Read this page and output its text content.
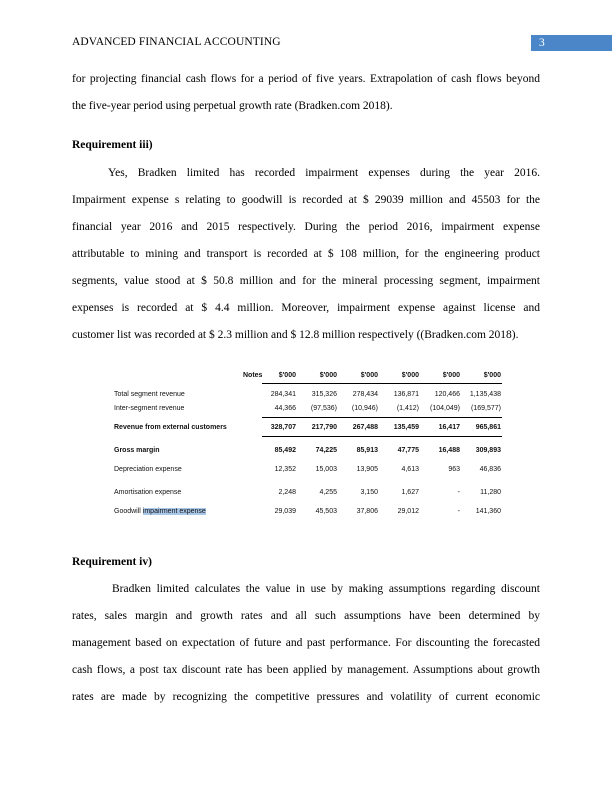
ADVANCED FINANCIAL ACCOUNTING	3
for projecting financial cash flows for a period of five years. Extrapolation of cash flows beyond
the five-year period using perpetual growth rate (Bradken.com 2018).
Requirement iii)
Yes, Bradken limited has recorded impairment expenses during the year 2016.
Impairment expense s relating to goodwill is recorded at $ 29039 million and 45503 for the
financial year 2016 and 2015 respectively. During the period 2016, impairment expense
attributable to mining and transport is recorded at $ 108 million, for the engineering product
segments, value stood at $ 50.8 million and for the mineral processing segment, impairment
expenses is recorded at $ 4.4 million. Moreover, impairment expense against license and
customer list was recorded at $ 2.3 million and $ 12.8 million respectively ((Bradken.com 2018).
Notes	$'000	$'000	$'000	$'000	$'000	$'000
Total segment revenue	284,341	315,326	278,434	136,871	120,466	1,135,438
Inter-segment revenue	44,366	(97,536)	(10,946)	(1,412)	(104,049)	(169,577)
Revenue from external customers	328,707	217,790	267,488	135,459	16,417	965,861
Gross margin	85,492	74,225	85,913	47,775	16,488	309,893
Depreciation expense	12,352	15,003	13,905	4,613	963	46,836
Amortisation expense	2,248	4,255	3,150	1,627	-	11,280
Goodwill impairment expense	29,039	45,503	37,806	29,012	-	141,360
Requirement iv)
Bradken limited calculates the value in use by making assumptions regarding discount
rates, sales margin and growth rates and all such assumptions have been determined by
management based on expectation of future and past performance. For discounting the forecasted
cash flows, a post tax discount rate has been applied by management. Assumptions about growth
rates are made by recognizing the competitive pressures and volatility of current economic
